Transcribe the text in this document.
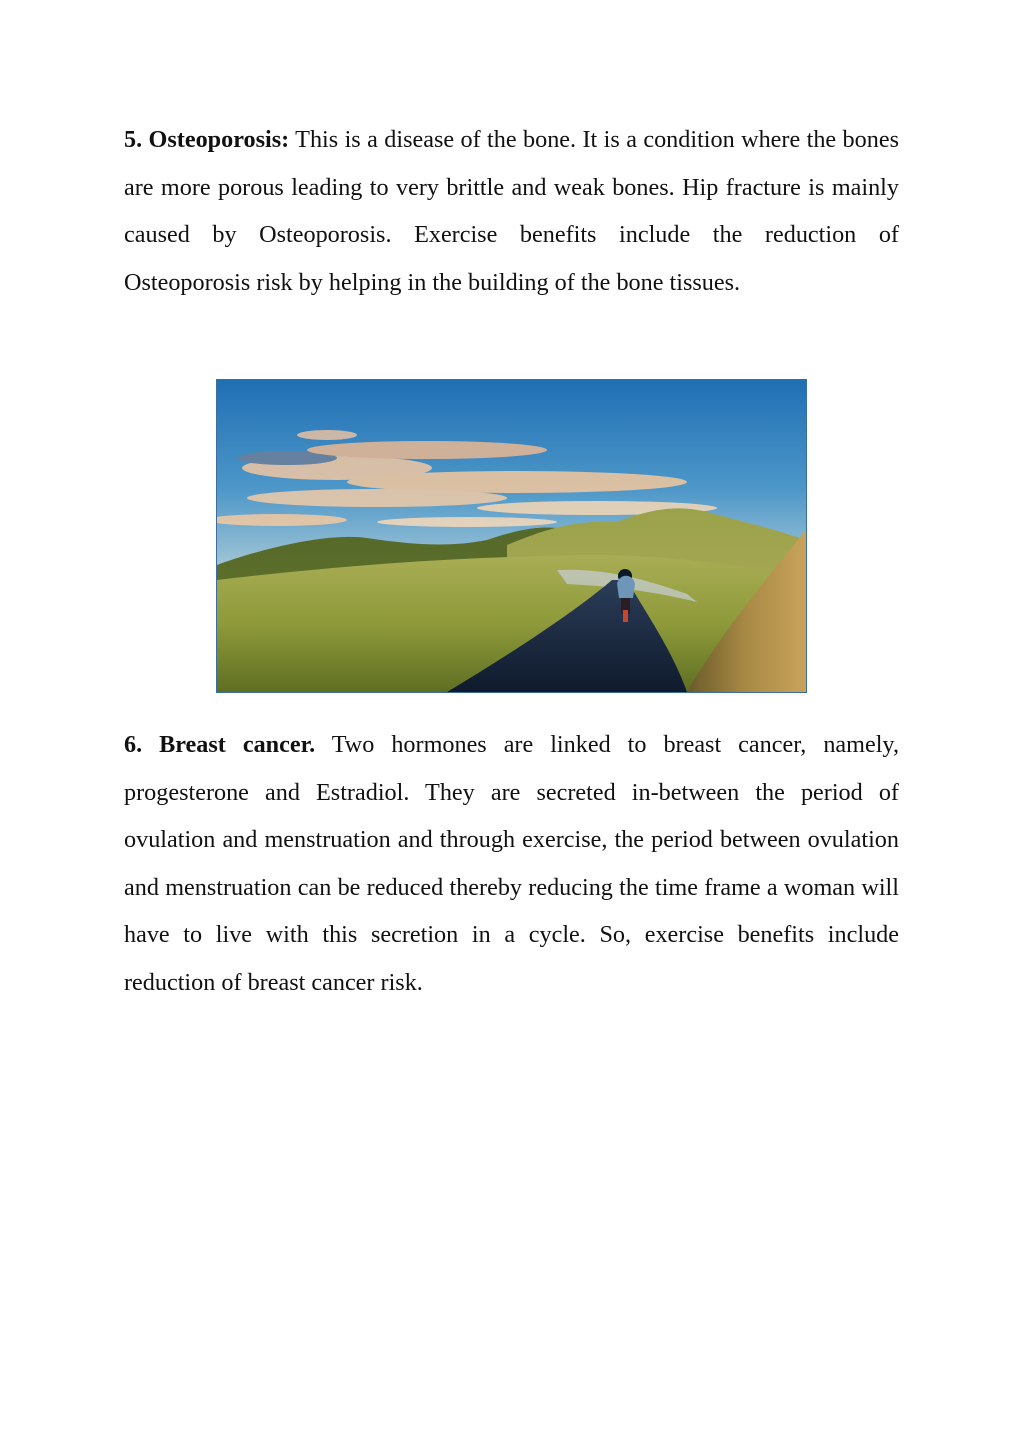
5. Osteoporosis: This is a disease of the bone. It is a condition where the bones are more porous leading to very brittle and weak bones. Hip fracture is mainly caused by Osteoporosis. Exercise benefits include the reduction of Osteoporosis risk by helping in the building of the bone tissues.

6. Breast cancer. Two hormones are linked to breast cancer, namely, progesterone and Estradiol. They are secreted in-between the period of ovulation and menstruation and through exercise, the period between ovulation and menstruation can be reduced thereby reducing the time frame a woman will have to live with this secretion in a cycle. So, exercise benefits include reduction of breast cancer risk.
